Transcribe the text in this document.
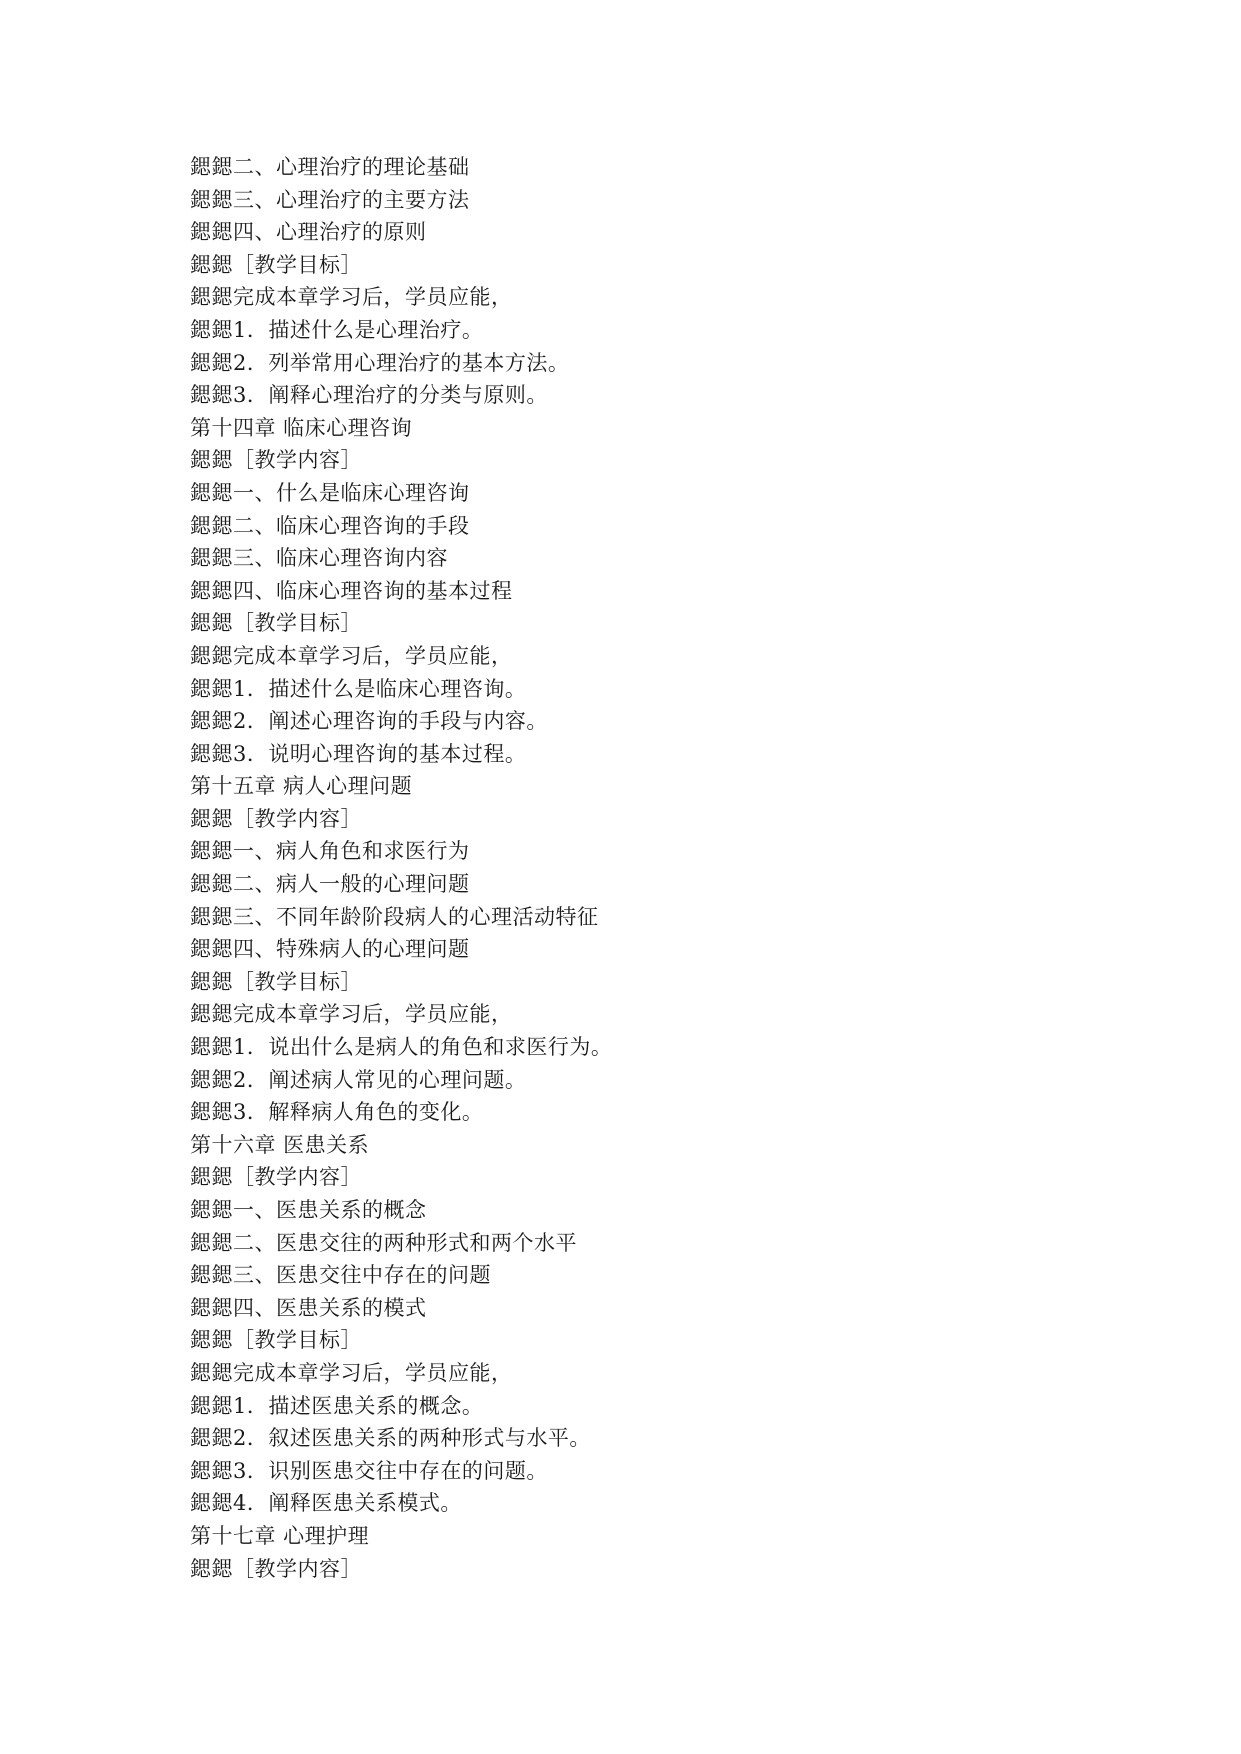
鍶鍶二、心理治疗的理论基础
鍶鍶三、心理治疗的主要方法
鍶鍶四、心理治疗的原则
鍶鍶［教学目标］
鍶鍶完成本章学习后，学员应能，
鍶鍶1．描述什么是心理治疗。
鍶鍶2．列举常用心理治疗的基本方法。
鍶鍶3．阐释心理治疗的分类与原则。
第十四章 临床心理咨询
鍶鍶［教学内容］
鍶鍶一、什么是临床心理咨询
鍶鍶二、临床心理咨询的手段
鍶鍶三、临床心理咨询内容
鍶鍶四、临床心理咨询的基本过程
鍶鍶［教学目标］
鍶鍶完成本章学习后，学员应能，
鍶鍶1．描述什么是临床心理咨询。
鍶鍶2．阐述心理咨询的手段与内容。
鍶鍶3．说明心理咨询的基本过程。
第十五章 病人心理问题
鍶鍶［教学内容］
鍶鍶一、病人角色和求医行为
鍶鍶二、病人一般的心理问题
鍶鍶三、不同年龄阶段病人的心理活动特征
鍶鍶四、特殊病人的心理问题
鍶鍶［教学目标］
鍶鍶完成本章学习后，学员应能，
鍶鍶1．说出什么是病人的角色和求医行为。
鍶鍶2．阐述病人常见的心理问题。
鍶鍶3．解释病人角色的变化。
第十六章 医患关系
鍶鍶［教学内容］
鍶鍶一、医患关系的概念
鍶鍶二、医患交往的两种形式和两个水平
鍶鍶三、医患交往中存在的问题
鍶鍶四、医患关系的模式
鍶鍶［教学目标］
鍶鍶完成本章学习后，学员应能，
鍶鍶1．描述医患关系的概念。
鍶鍶2．叙述医患关系的两种形式与水平。
鍶鍶3．识别医患交往中存在的问题。
鍶鍶4．阐释医患关系模式。
第十七章 心理护理
鍶鍶［教学内容］
